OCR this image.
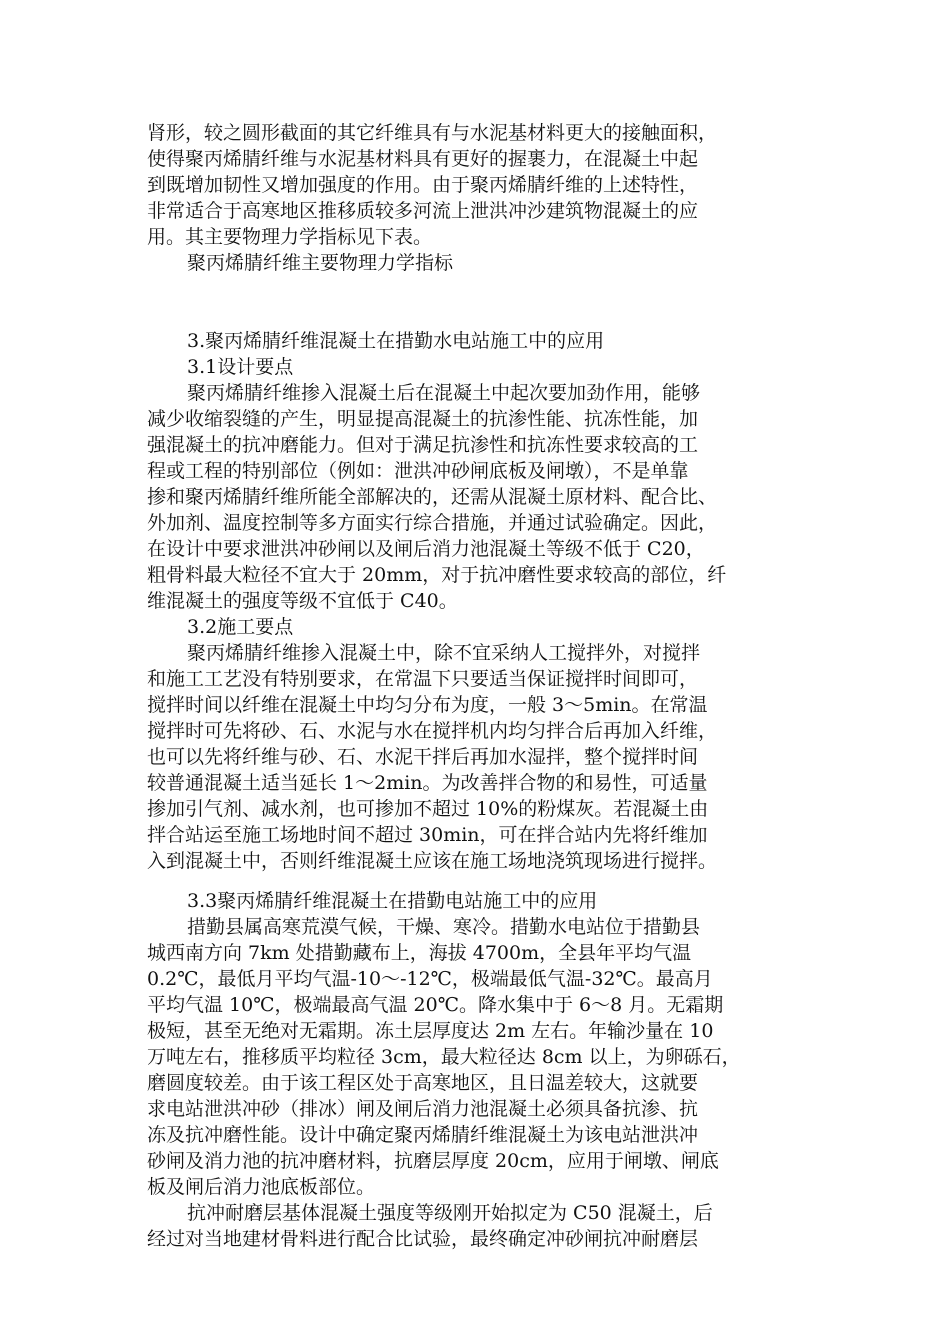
肾形，较之圆形截面的其它纤维具有与水泥基材料更大的接触面积，
使得聚丙烯腈纤维与水泥基材料具有更好的握裹力，在混凝土中起
到既增加韧性又增加强度的作用。由于聚丙烯腈纤维的上述特性，
非常适合于高寒地区推移质较多河流上泄洪冲沙建筑物混凝土的应
用。其主要物理力学指标见下表。
聚丙烯腈纤维主要物理力学指标
3.聚丙烯腈纤维混凝土在措勤水电站施工中的应用
3.1设计要点
聚丙烯腈纤维掺入混凝土后在混凝土中起次要加劲作用，能够
减少收缩裂缝的产生，明显提高混凝土的抗渗性能、抗冻性能，加
强混凝土的抗冲磨能力。但对于满足抗渗性和抗冻性要求较高的工
程或工程的特别部位（例如：泄洪冲砂闸底板及闸墩），不是单靠
掺和聚丙烯腈纤维所能全部解决的，还需从混凝土原材料、配合比、
外加剂、温度控制等多方面实行综合措施，并通过试验确定。因此，
在设计中要求泄洪冲砂闸以及闸后消力池混凝土等级不低于 C20，
粗骨料最大粒径不宜大于 20mm，对于抗冲磨性要求较高的部位，纤
维混凝土的强度等级不宜低于 C40。
3.2施工要点
聚丙烯腈纤维掺入混凝土中，除不宜采纳人工搅拌外，对搅拌
和施工工艺没有特别要求，在常温下只要适当保证搅拌时间即可，
搅拌时间以纤维在混凝土中均匀分布为度，一般 3～5min。在常温
搅拌时可先将砂、石、水泥与水在搅拌机内均匀拌合后再加入纤维，
也可以先将纤维与砂、石、水泥干拌后再加水湿拌，整个搅拌时间
较普通混凝土适当延长 1～2min。为改善拌合物的和易性，可适量
掺加引气剂、减水剂，也可掺加不超过 10%的粉煤灰。若混凝土由
拌合站运至施工场地时间不超过 30min，可在拌合站内先将纤维加
入到混凝土中，否则纤维混凝土应该在施工场地浇筑现场进行搅拌。
3.3聚丙烯腈纤维混凝土在措勤电站施工中的应用
措勤县属高寒荒漠气候，干燥、寒冷。措勤水电站位于措勤县
城西南方向 7km 处措勤藏布上，海拔 4700m，全县年平均气温
0.2℃，最低月平均气温-10～-12℃，极端最低气温-32℃。最高月
平均气温 10℃，极端最高气温 20℃。降水集中于 6～8 月。无霜期
极短，甚至无绝对无霜期。冻土层厚度达 2m 左右。年输沙量在 10
万吨左右，推移质平均粒径 3cm，最大粒径达 8cm 以上，为卵砾石，
磨圆度较差。由于该工程区处于高寒地区，且日温差较大，这就要
求电站泄洪冲砂（排冰）闸及闸后消力池混凝土必须具备抗渗、抗
冻及抗冲磨性能。设计中确定聚丙烯腈纤维混凝土为该电站泄洪冲
砂闸及消力池的抗冲磨材料，抗磨层厚度 20cm，应用于闸墩、闸底
板及闸后消力池底板部位。
抗冲耐磨层基体混凝土强度等级刚开始拟定为 C50 混凝土，后
经过对当地建材骨料进行配合比试验，最终确定冲砂闸抗冲耐磨层
